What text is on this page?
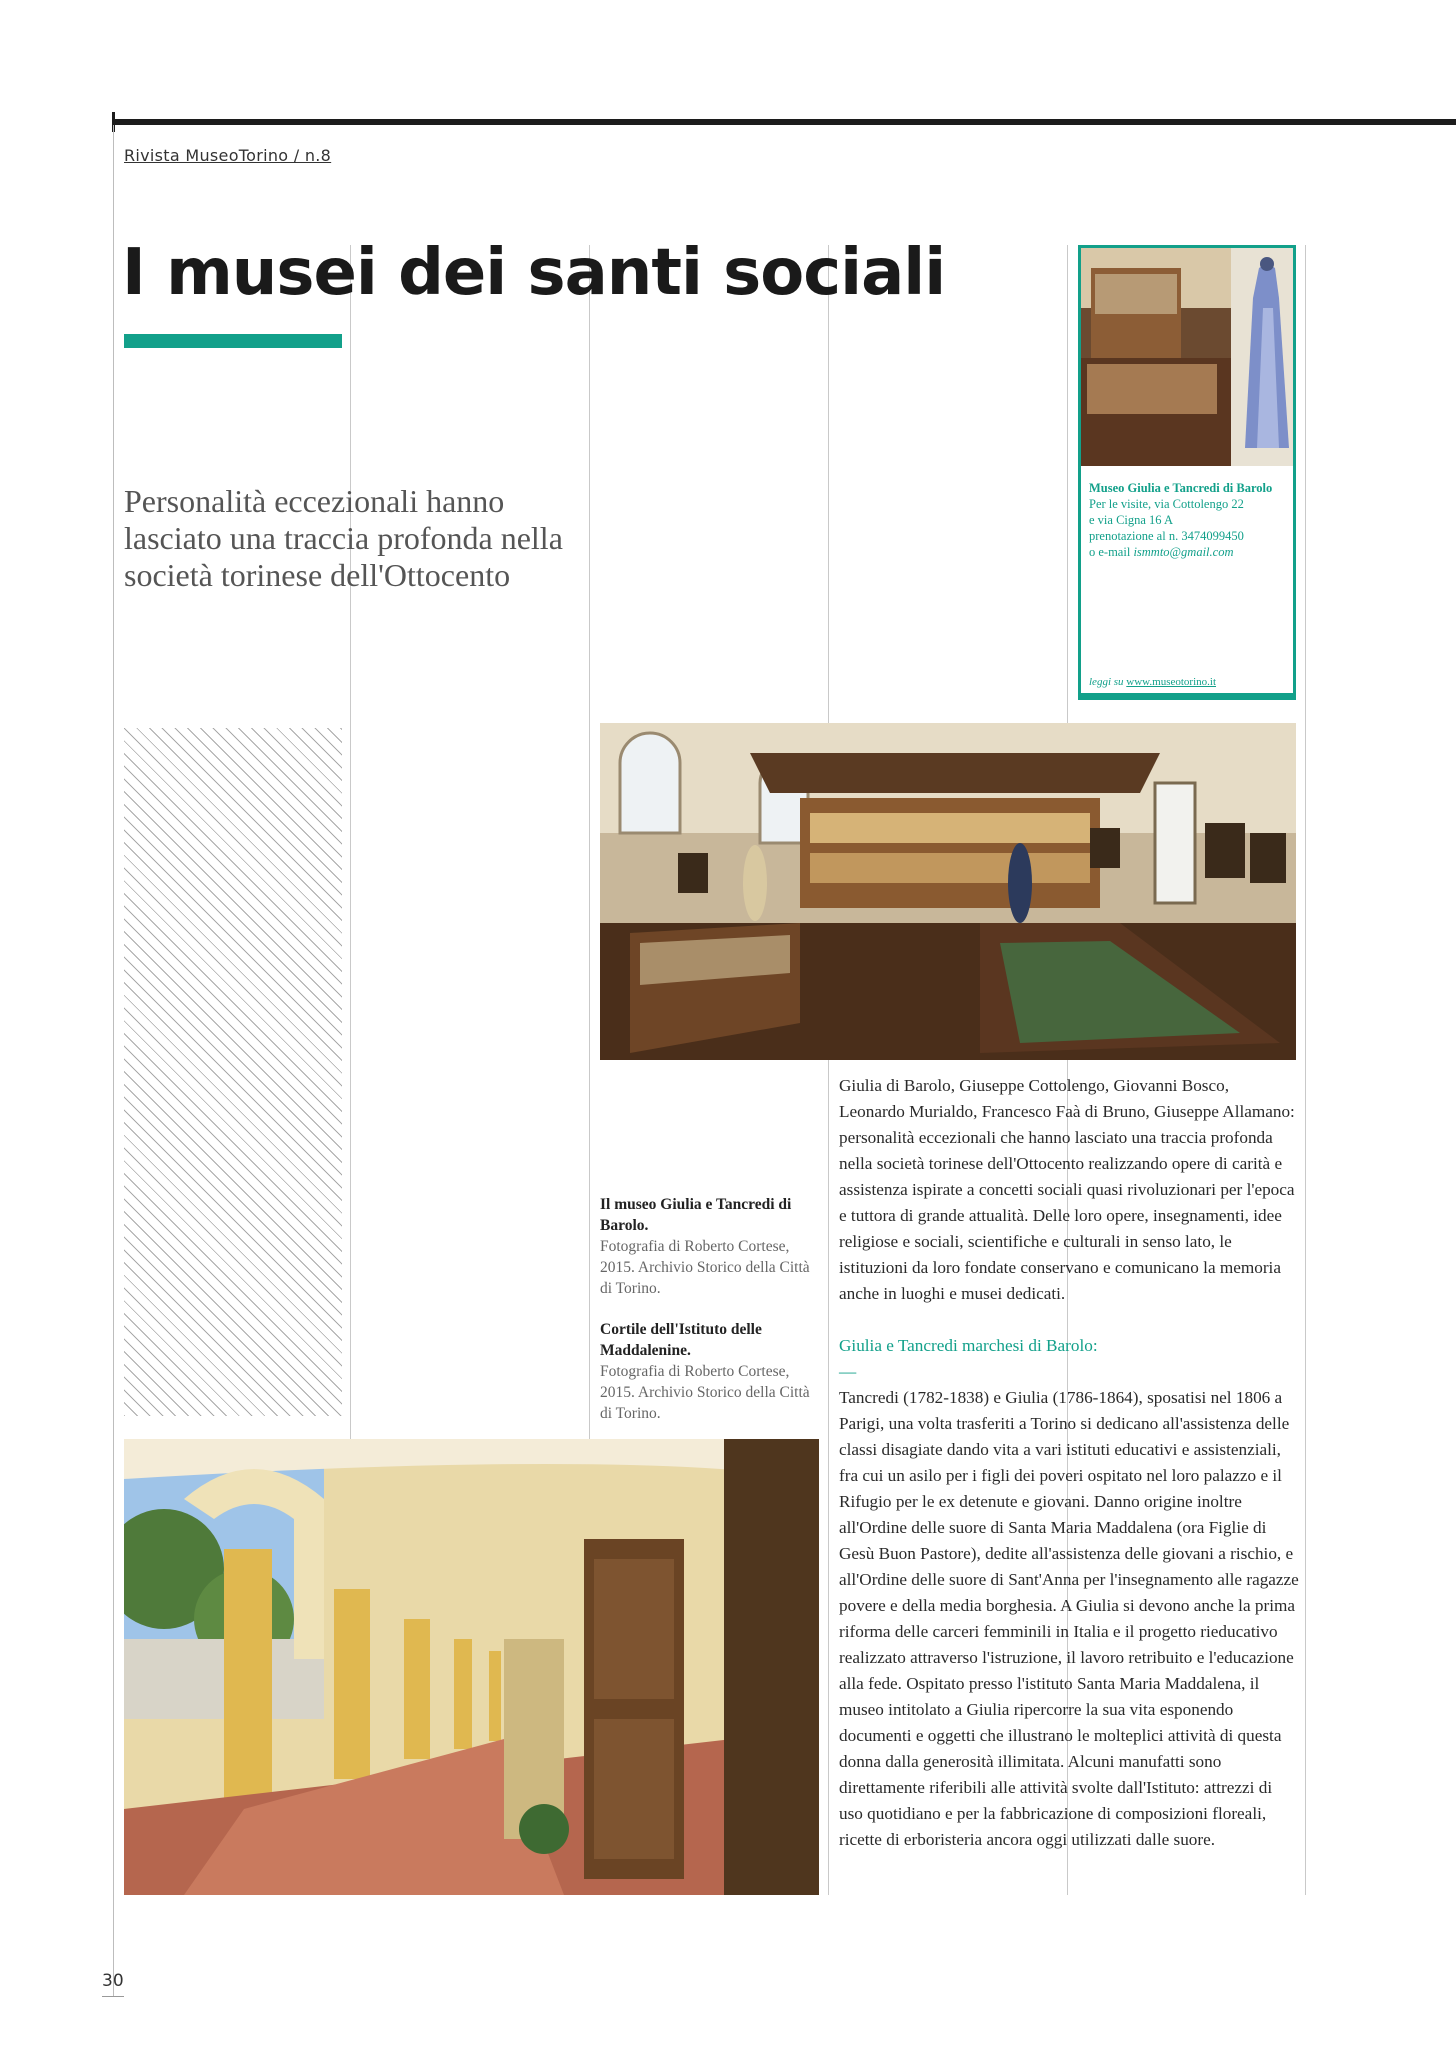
Rivista MuseoTorino / n.8
I musei dei santi sociali
Personalità eccezionali hanno lasciato una traccia profonda nella società torinese dell'Ottocento
Museo Giulia e Tancredi di Barolo
Per le visite, via Cottolengo 22
e via Cigna 16 A
prenotazione al n. 3474099450
o e-mail ismmto@gmail.com
leggi su www.museotorino.it
Il museo Giulia e Tancredi di Barolo.
Fotografia di Roberto Cortese, 2015. Archivio Storico della Città di Torino.
Cortile dell'Istituto delle Maddalenine.
Fotografia di Roberto Cortese, 2015. Archivio Storico della Città di Torino.

Giulia di Barolo, Giuseppe Cottolengo, Giovanni Bosco, Leonardo Murialdo, Francesco Faà di Bruno, Giuseppe Allamano: personalità eccezionali che hanno lasciato una traccia profonda nella società torinese dell'Ottocento realizzando opere di carità e assistenza ispirate a concetti sociali quasi rivoluzionari per l'epoca e tuttora di grande attualità. Delle loro opere, insegnamenti, idee religiose e sociali, scientifiche e culturali in senso lato, le istituzioni da loro fondate conservano e comunicano la memoria anche in luoghi e musei dedicati.

Giulia e Tancredi marchesi di Barolo:

—

Tancredi (1782-1838) e Giulia (1786-1864), sposatisi nel 1806 a Parigi, una volta trasferiti a Torino si dedicano all'assistenza delle classi disagiate dando vita a vari istituti educativi e assistenziali, fra cui un asilo per i figli dei poveri ospitato nel loro palazzo e il Rifugio per le ex detenute e giovani. Danno origine inoltre all'Ordine delle suore di Santa Maria Maddalena (ora Figlie di Gesù Buon Pastore), dedite all'assistenza delle giovani a rischio, e all'Ordine delle suore di Sant'Anna per l'insegnamento alle ragazze povere e della media borghesia. A Giulia si devono anche la prima riforma delle carceri femminili in Italia e il progetto rieducativo realizzato attraverso l'istruzione, il lavoro retribuito e l'educazione alla fede. Ospitato presso l'istituto Santa Maria Maddalena, il museo intitolato a Giulia ripercorre la sua vita esponendo documenti e oggetti che illustrano le molteplici attività di questa donna dalla generosità illimitata. Alcuni manufatti sono direttamente riferibili alle attività svolte dall'Istituto: attrezzi di uso quotidiano e per la fabbricazione di composizioni floreali, ricette di erboristeria ancora oggi utilizzati dalle suore.

30
